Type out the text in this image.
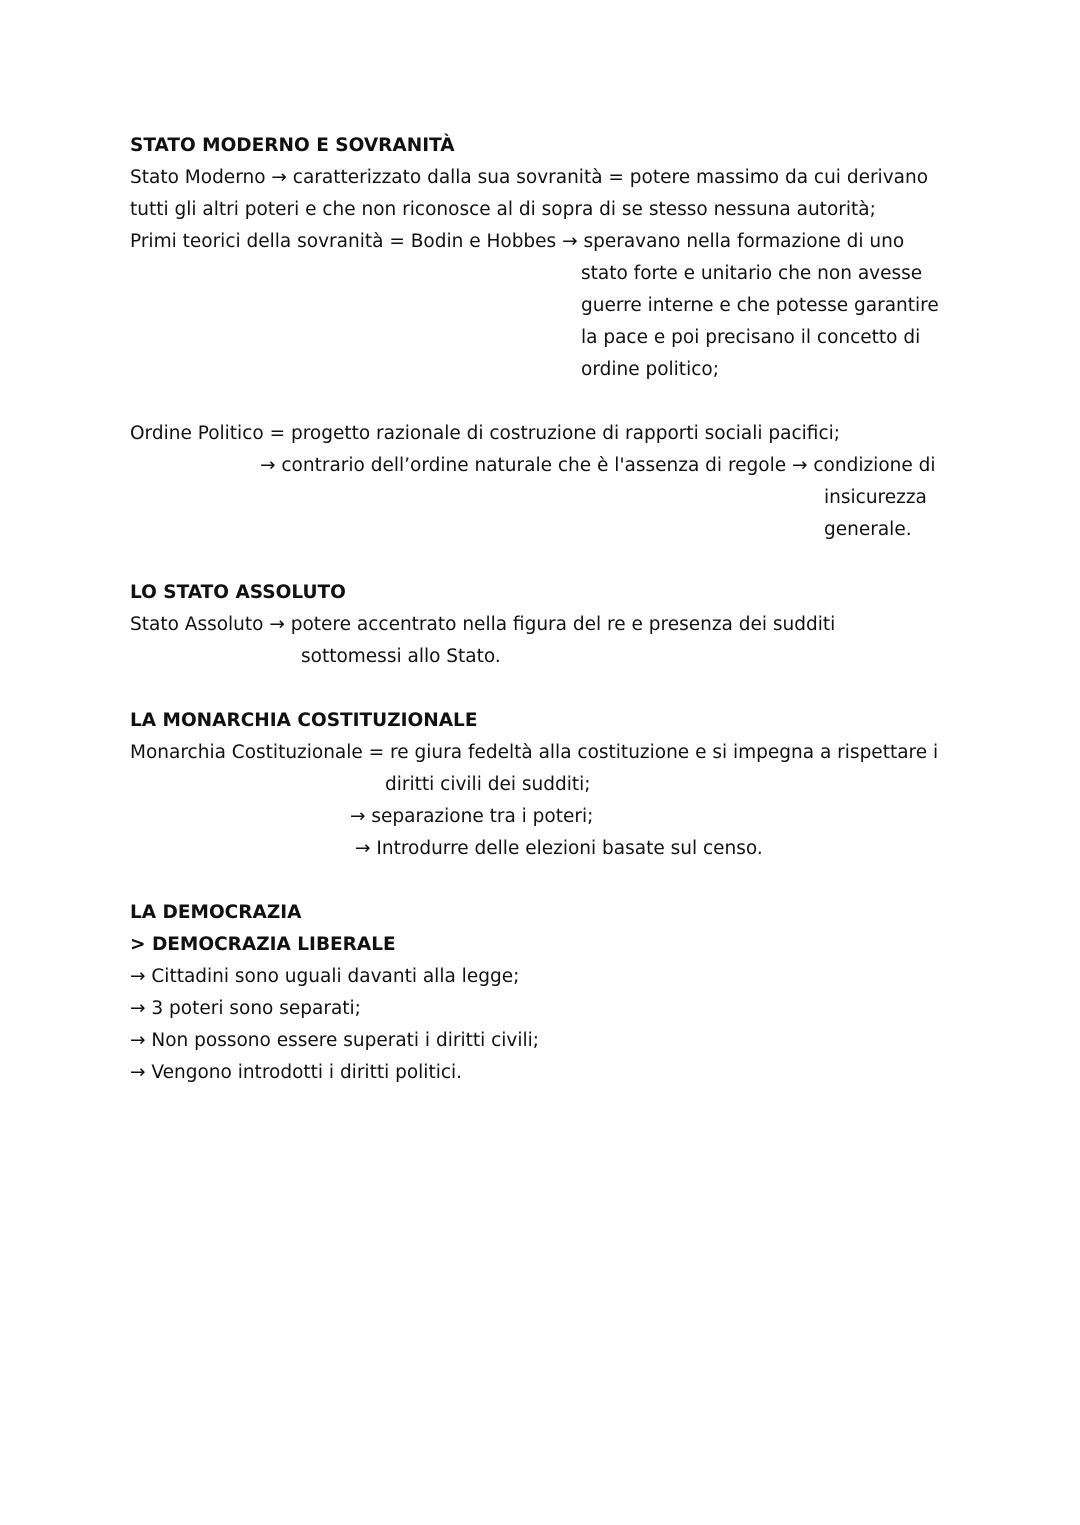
STATO MODERNO E SOVRANITÀ
Stato Moderno → caratterizzato dalla sua sovranità = potere massimo da cui derivano
tutti gli altri poteri e che non riconosce al di sopra di se stesso nessuna autorità;
Primi teorici della sovranità = Bodin e Hobbes → speravano nella formazione di uno
stato forte e unitario che non avesse
guerre interne e che potesse garantire
la pace e poi precisano il concetto di
ordine politico;
Ordine Politico = progetto razionale di costruzione di rapporti sociali pacifici;
→ contrario dell’ordine naturale che è l'assenza di regole → condizione di
insicurezza
generale.
LO STATO ASSOLUTO
Stato Assoluto → potere accentrato nella figura del re e presenza dei sudditi
sottomessi allo Stato.
LA MONARCHIA COSTITUZIONALE
Monarchia Costituzionale = re giura fedeltà alla costituzione e si impegna a rispettare i
diritti civili dei sudditi;
→ separazione tra i poteri;
→ Introdurre delle elezioni basate sul censo.
LA DEMOCRAZIA
> DEMOCRAZIA LIBERALE
→ Cittadini sono uguali davanti alla legge;
→ 3 poteri sono separati;
→ Non possono essere superati i diritti civili;
→ Vengono introdotti i diritti politici.
